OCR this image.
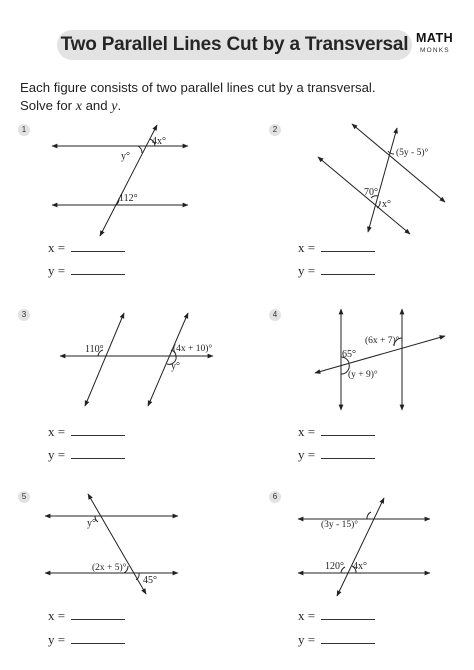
Two Parallel Lines Cut by a Transversal MATH
MONKS
Each figure consists of two parallel lines cut by a transversal.
Solve for x and y.
1	2
3	4
5	6
4x°
y°
112°
(5y - 5)°
70°
x°
110°	(4x + 10)°
y°
(6x + 7)°
65°
(y + 9)°
y°
(2x + 5)°
45°
(3y - 15)°
120° 4x°
x =
y =
x =
y =
x =
y =
x =
y =
x =
y =
x =
y =
